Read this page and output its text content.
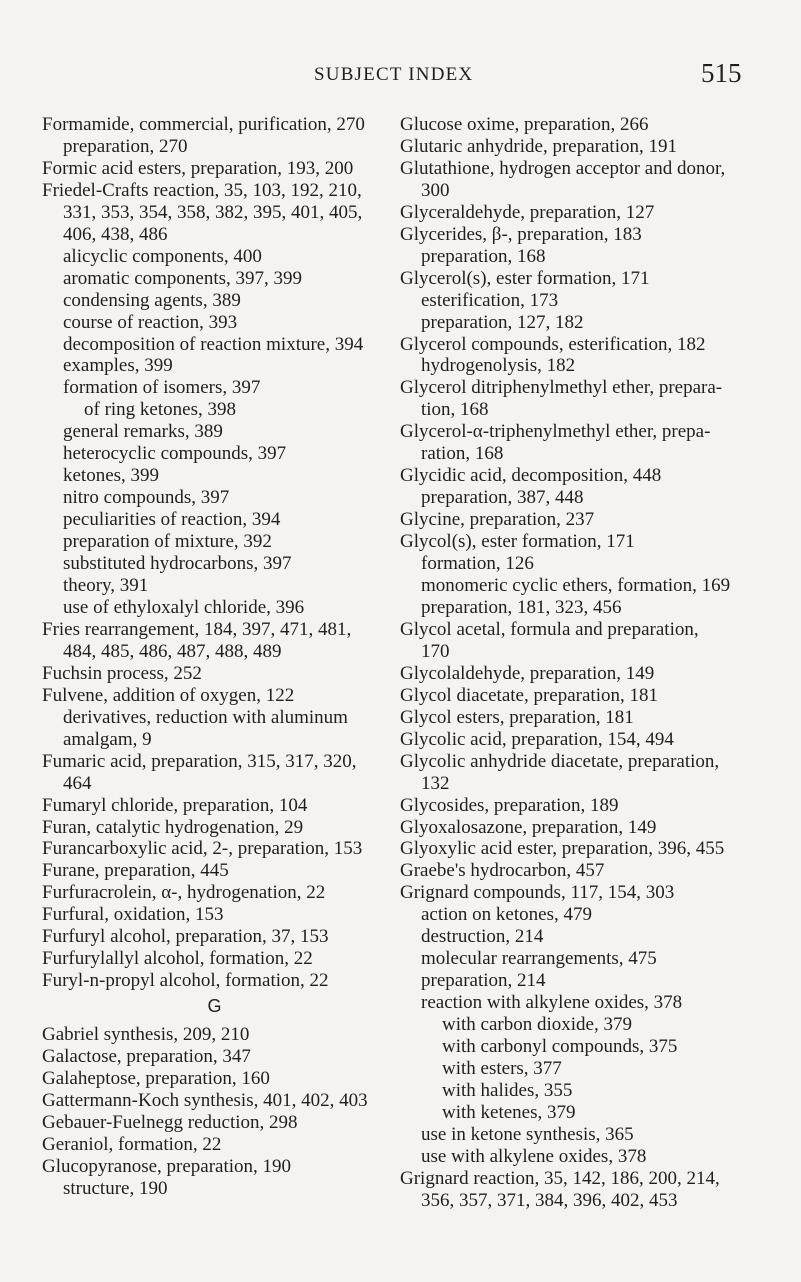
SUBJECT INDEX	515
Formamide, commercial, purification, 270
preparation, 270
Formic acid esters, preparation, 193, 200
Friedel-Crafts reaction, 35, 103, 192, 210,
331, 353, 354, 358, 382, 395, 401, 405,
406, 438, 486
alicyclic components, 400
aromatic components, 397, 399
condensing agents, 389
course of reaction, 393
decomposition of reaction mixture, 394
examples, 399
formation of isomers, 397
of ring ketones, 398
general remarks, 389
heterocyclic compounds, 397
ketones, 399
nitro compounds, 397
peculiarities of reaction, 394
preparation of mixture, 392
substituted hydrocarbons, 397
theory, 391
use of ethyloxalyl chloride, 396
Fries rearrangement, 184, 397, 471, 481,
484, 485, 486, 487, 488, 489
Fuchsin process, 252
Fulvene, addition of oxygen, 122
derivatives, reduction with aluminum
amalgam, 9
Fumaric acid, preparation, 315, 317, 320,
464
Fumaryl chloride, preparation, 104
Furan, catalytic hydrogenation, 29
Furancarboxylic acid, 2-, preparation, 153
Furane, preparation, 445
Furfuracrolein, α-, hydrogenation, 22
Furfural, oxidation, 153
Furfuryl alcohol, preparation, 37, 153
Furfurylallyl alcohol, formation, 22
Furyl-n-propyl alcohol, formation, 22
G
Gabriel synthesis, 209, 210
Galactose, preparation, 347
Galaheptose, preparation, 160
Gattermann-Koch synthesis, 401, 402, 403
Gebauer-Fuelnegg reduction, 298
Geraniol, formation, 22
Glucopyranose, preparation, 190
structure, 190
Glucose oxime, preparation, 266
Glutaric anhydride, preparation, 191
Glutathione, hydrogen acceptor and donor,
300
Glyceraldehyde, preparation, 127
Glycerides, β-, preparation, 183
preparation, 168
Glycerol(s), ester formation, 171
esterification, 173
preparation, 127, 182
Glycerol compounds, esterification, 182
hydrogenolysis, 182
Glycerol ditriphenylmethyl ether, prepara-
tion, 168
Glycerol-α-triphenylmethyl ether, prepa-
ration, 168
Glycidic acid, decomposition, 448
preparation, 387, 448
Glycine, preparation, 237
Glycol(s), ester formation, 171
formation, 126
monomeric cyclic ethers, formation, 169
preparation, 181, 323, 456
Glycol acetal, formula and preparation,
170
Glycolaldehyde, preparation, 149
Glycol diacetate, preparation, 181
Glycol esters, preparation, 181
Glycolic acid, preparation, 154, 494
Glycolic anhydride diacetate, preparation,
132
Glycosides, preparation, 189
Glyoxalosazone, preparation, 149
Glyoxylic acid ester, preparation, 396, 455
Graebe's hydrocarbon, 457
Grignard compounds, 117, 154, 303
action on ketones, 479
destruction, 214
molecular rearrangements, 475
preparation, 214
reaction with alkylene oxides, 378
with carbon dioxide, 379
with carbonyl compounds, 375
with esters, 377
with halides, 355
with ketenes, 379
use in ketone synthesis, 365
use with alkylene oxides, 378
Grignard reaction, 35, 142, 186, 200, 214,
356, 357, 371, 384, 396, 402, 453
